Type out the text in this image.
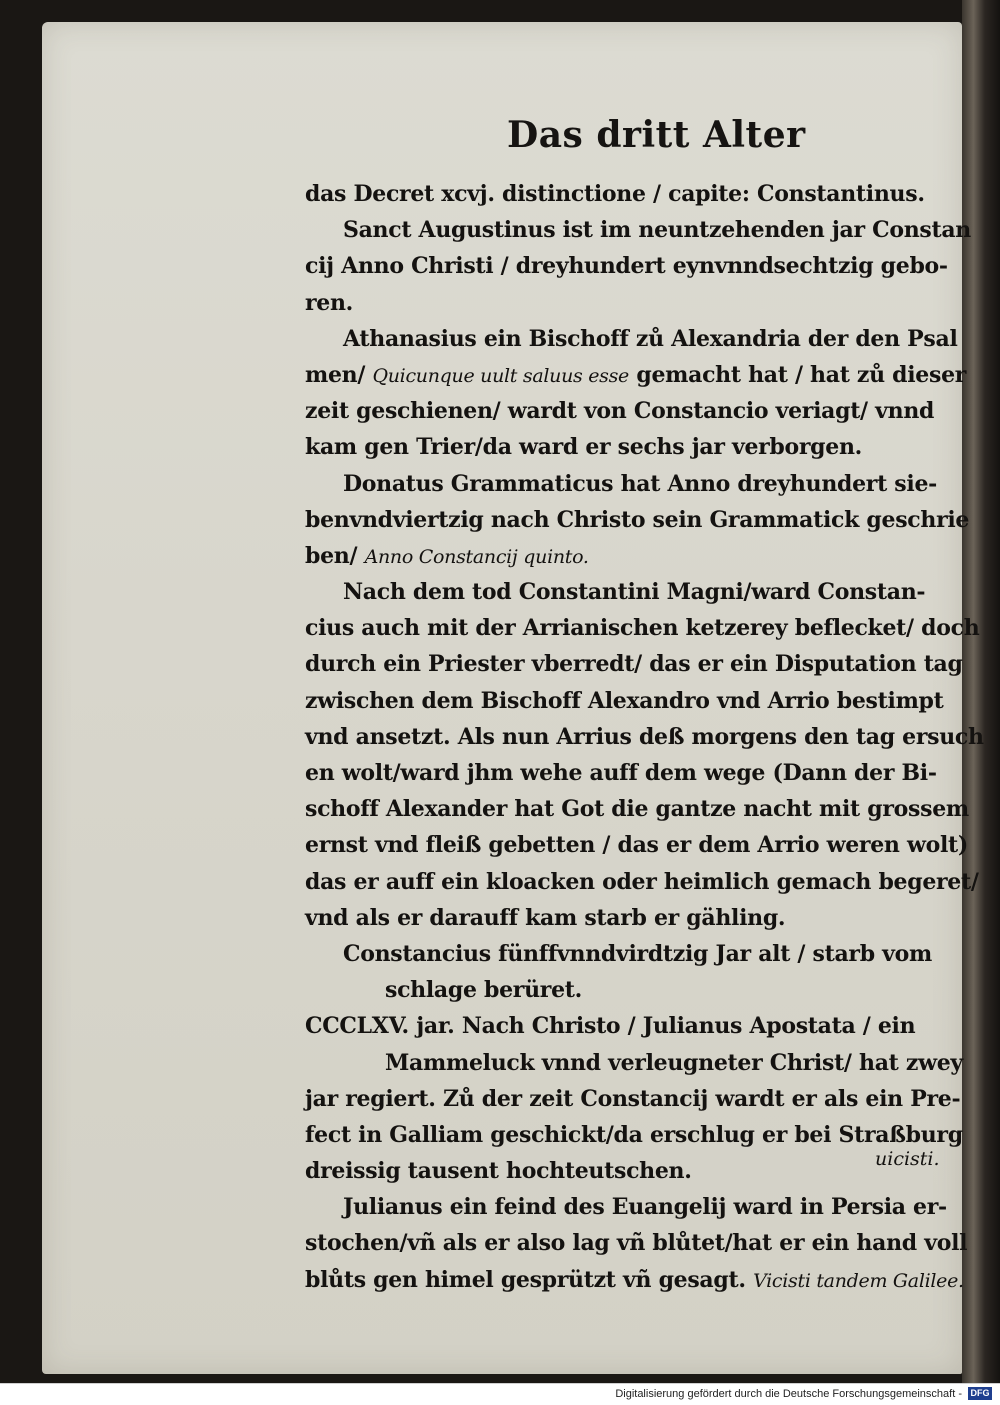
Das dritt Alter
das Decret xcvj. distinctione / capite: Constantinus.
Sanct Augustinus ist im neuntzehenden jar Constan
cij Anno Christi / dreyhundert eynvnndsechtzig gebo-
ren.
Athanasius ein Bischoff zů Alexandria der den Psal
men/ Quicunque uult saluus esse gemacht hat / hat zů dieser
zeit geschienen/ wardt von Constancio veriagt/ vnnd
kam gen Trier/da ward er sechs jar verborgen.
Donatus Grammaticus hat Anno dreyhundert sie-
benvndviertzig nach Christo sein Grammatick geschrie
ben/ Anno Constancij quinto.
Nach dem tod Constantini Magni/ward Constan-
cius auch mit der Arrianischen ketzerey beflecket/ doch
durch ein Priester vberredt/ das er ein Disputation tag
zwischen dem Bischoff Alexandro vnd Arrio bestimpt
vnd ansetzt. Als nun Arrius deß morgens den tag ersuch
en wolt/ward jhm wehe auff dem wege (Dann der Bi-
schoff Alexander hat Got die gantze nacht mit grossem
ernst vnd fleiß gebetten / das er dem Arrio weren wolt)
das er auff ein kloacken oder heimlich gemach begeret/
vnd als er darauff kam starb er gähling.
Constancius fünffvnndvirdtzig Jar alt / starb vom
schlage berüret.
CCCLXV. jar. Nach Christo / Julianus Apostata / ein
Mammeluck vnnd verleugneter Christ/ hat zwey
jar regiert. Zů der zeit Constancij wardt er als ein Pre-
fect in Galliam geschickt/da erschlug er bei Straßburg
dreissig tausent hochteutschen.
Julianus ein feind des Euangelij ward in Persia er-
stochen/vñ als er also lag vñ blůtet/hat er ein hand voll
blůts gen himel gesprützt vñ gesagt. Vicisti tandem Galilee.
uicisti.
Digitalisierung gefördert durch die Deutsche Forschungsgemeinschaft - DFG
